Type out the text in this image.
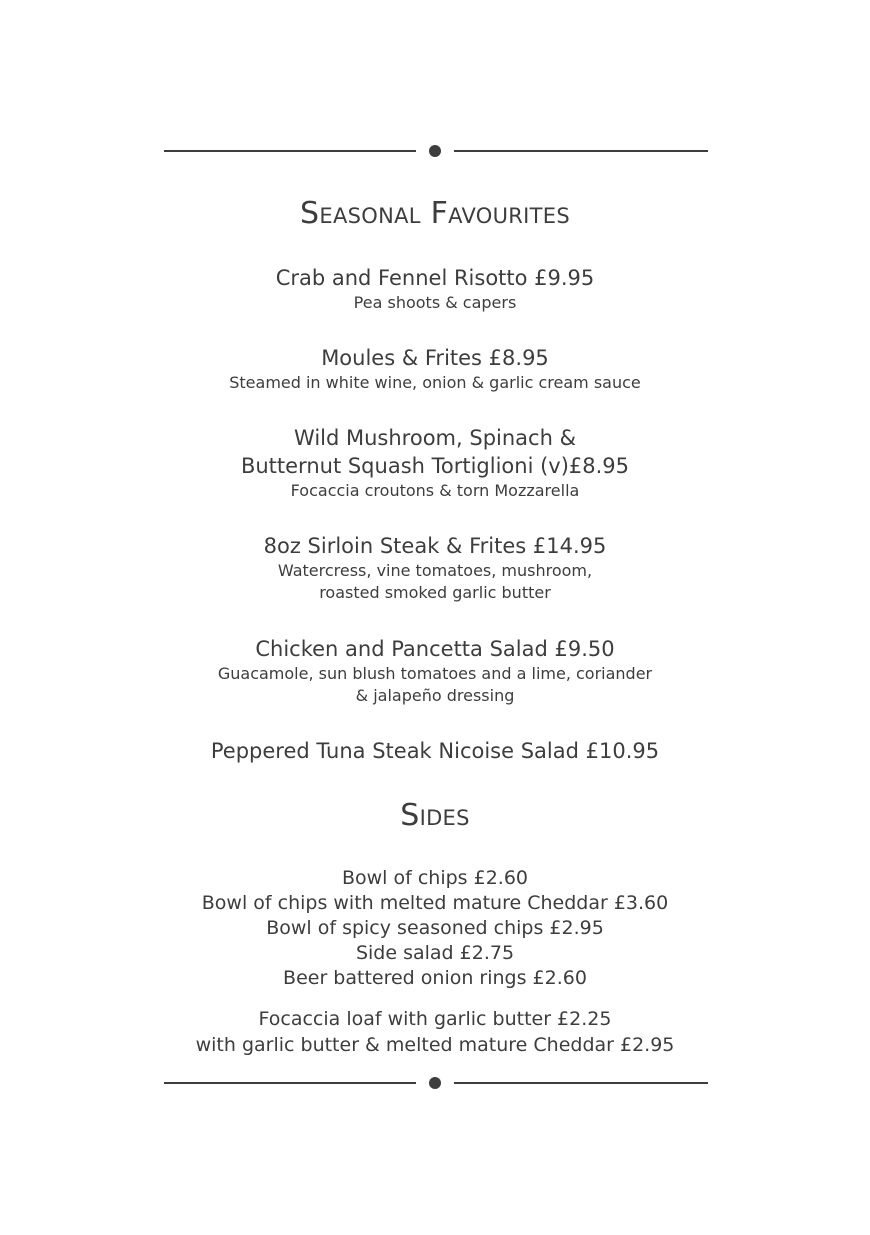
Seasonal Favourites
Crab and Fennel Risotto £9.95
Pea shoots & capers
Moules & Frites £8.95
Steamed in white wine, onion & garlic cream sauce
Wild Mushroom, Spinach &
Butternut Squash Tortiglioni (v)£8.95
Focaccia croutons & torn Mozzarella
8oz Sirloin Steak & Frites £14.95
Watercress, vine tomatoes, mushroom,
roasted smoked garlic butter
Chicken and Pancetta Salad £9.50
Guacamole, sun blush tomatoes and a lime, coriander
& jalapeño dressing
Peppered Tuna Steak Nicoise Salad £10.95
Sides
Bowl of chips £2.60
Bowl of chips with melted mature Cheddar £3.60
Bowl of spicy seasoned chips £2.95
Side salad £2.75
Beer battered onion rings £2.60
Focaccia loaf with garlic butter £2.25
with garlic butter & melted mature Cheddar £2.95
